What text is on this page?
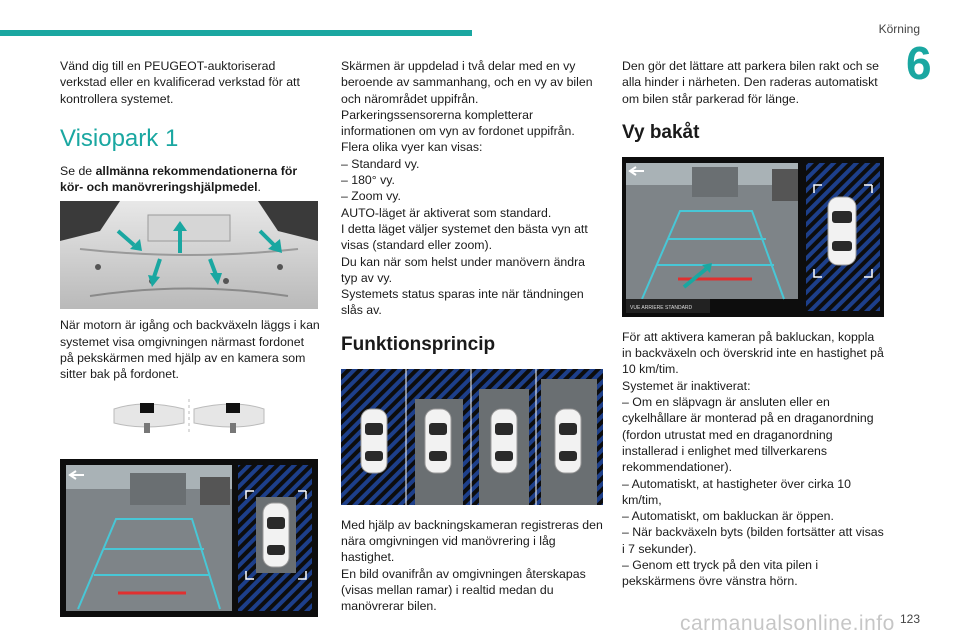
Körning
6

Vänd dig till en PEUGEOT-auktoriserad verkstad eller en kvalificerad verkstad för att kontrollera systemet.

Visiopark 1

Se de allmänna rekommendationerna för kör- och manövreringshjälpmedel.

När motorn är igång och backväxeln läggs i kan systemet visa omgivningen närmast fordonet på pekskärmen med hjälp av en kamera som sitter bak på fordonet.

Skärmen är uppdelad i två delar med en vy beroende av sammanhang, och en vy av bilen och närområdet uppifrån.

Parkeringssensorerna kompletterar informationen om vyn av fordonet uppifrån.

Flera olika vyer kan visas:

– Standard vy.

– 180° vy.

– Zoom vy.

AUTO-läget är aktiverat som standard.

I detta läget väljer systemet den bästa vyn att visas (standard eller zoom).

Du kan när som helst under manövern ändra typ av vy.

Systemets status sparas inte när tändningen slås av.

Funktionsprincip

Med hjälp av backningskameran registreras den nära omgivningen vid manövrering i låg hastighet.

En bild ovanifrån av omgivningen återskapas (visas mellan ramar) i realtid medan du manövrerar bilen.

Den gör det lättare att parkera bilen rakt och se alla hinder i närheten. Den raderas automatiskt om bilen står parkerad för länge.

Vy bakåt
VUE ARRIERE STANDARD

För att aktivera kameran på bakluckan, koppla in backväxeln och överskrid inte en hastighet på 10 km/tim.

Systemet är inaktiverat:

– Om en släpvagn är ansluten eller en cykelhållare är monterad på en draganordning (fordon utrustat med en draganordning installerad i enlighet med tillverkarens rekommendationer).

– Automatiskt, at hastigheter över cirka 10 km/tim,

– Automatiskt, om bakluckan är öppen.

– När backväxeln byts (bilden fortsätter att visas i 7 sekunder).

– Genom ett tryck på den vita pilen i pekskärmens övre vänstra hörn.

carmanualsonline.info 123
